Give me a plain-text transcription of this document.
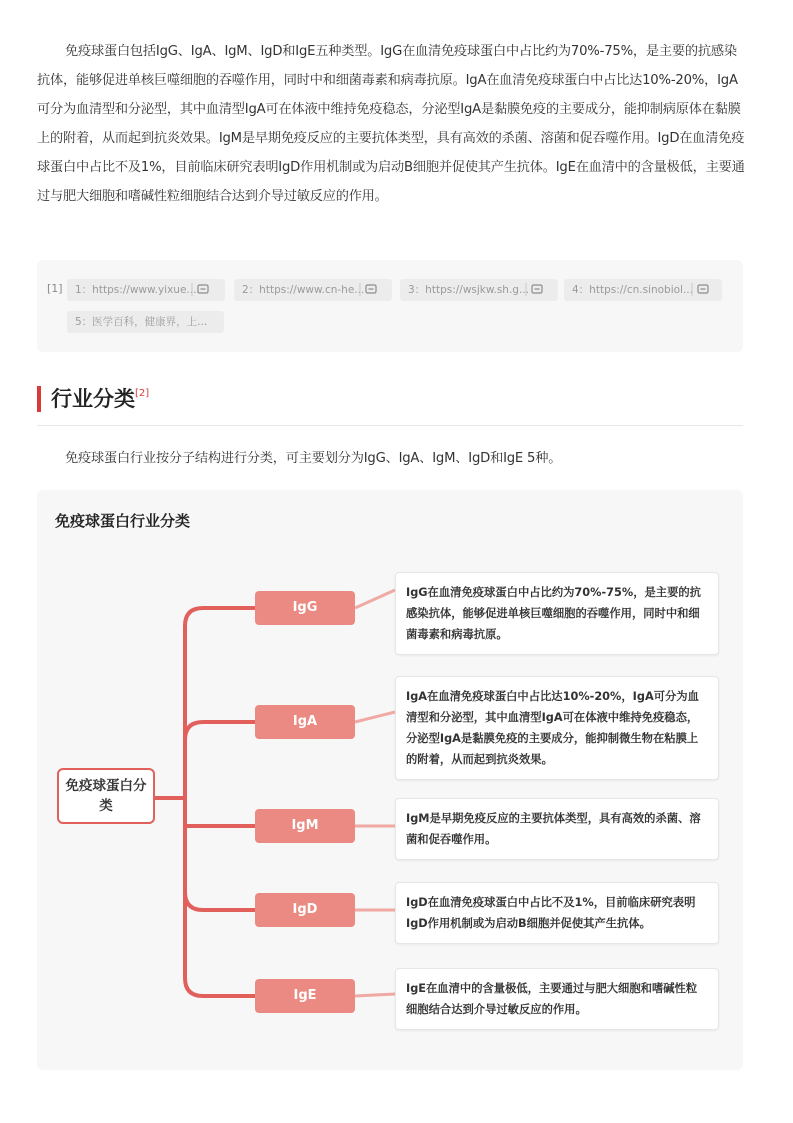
免疫球蛋白包括IgG、IgA、IgM、IgD和IgE五种类型。IgG在血清免疫球蛋白中占比约为70%-75%，是主要的抗感染抗体，能够促进单核巨噬细胞的吞噬作用，同时中和细菌毒素和病毒抗原。IgA在血清免疫球蛋白中占比达10%-20%，IgA可分为血清型和分泌型，其中血清型IgA可在体液中维持免疫稳态，分泌型IgA是黏膜免疫的主要成分，能抑制病原体在黏膜上的附着，从而起到抗炎效果。IgM是早期免疫反应的主要抗体类型，具有高效的杀菌、溶菌和促吞噬作用。IgD在血清免疫球蛋白中占比不及1%，目前临床研究表明IgD作用机制或为启动B细胞并促使其产生抗体。IgE在血清中的含量极低，主要通过与肥大细胞和嗜碱性粒细胞结合达到介导过敏反应的作用。

[1]	1：https://www.yixue....	2：https://www.cn-he...	3：https://wsjkw.sh.g...	4：https://cn.sinobiol...
5：医学百科，健康界，上...
行业分类[2]

免疫球蛋白行业按分子结构进行分类，可主要划分为IgG、IgA、IgM、IgD和IgE 5种。

免疫球蛋白行业分类
免疫球蛋白分类
IgG
IgA
IgM
IgD
IgE
IgG在血清免疫球蛋白中占比约为70%-75%，是主要的抗感染抗体，能够促进单核巨噬细胞的吞噬作用，同时中和细菌毒素和病毒抗原。
IgA在血清免疫球蛋白中占比达10%-20%，IgA可分为血清型和分泌型，其中血清型IgA可在体液中维持免疫稳态，分泌型IgA是黏膜免疫的主要成分，能抑制微生物在粘膜上的附着，从而起到抗炎效果。
IgM是早期免疫反应的主要抗体类型，具有高效的杀菌、溶菌和促吞噬作用。
IgD在血清免疫球蛋白中占比不及1%，目前临床研究表明IgD作用机制或为启动B细胞并促使其产生抗体。
IgE在血清中的含量极低，主要通过与肥大细胞和嗜碱性粒细胞结合达到介导过敏反应的作用。
